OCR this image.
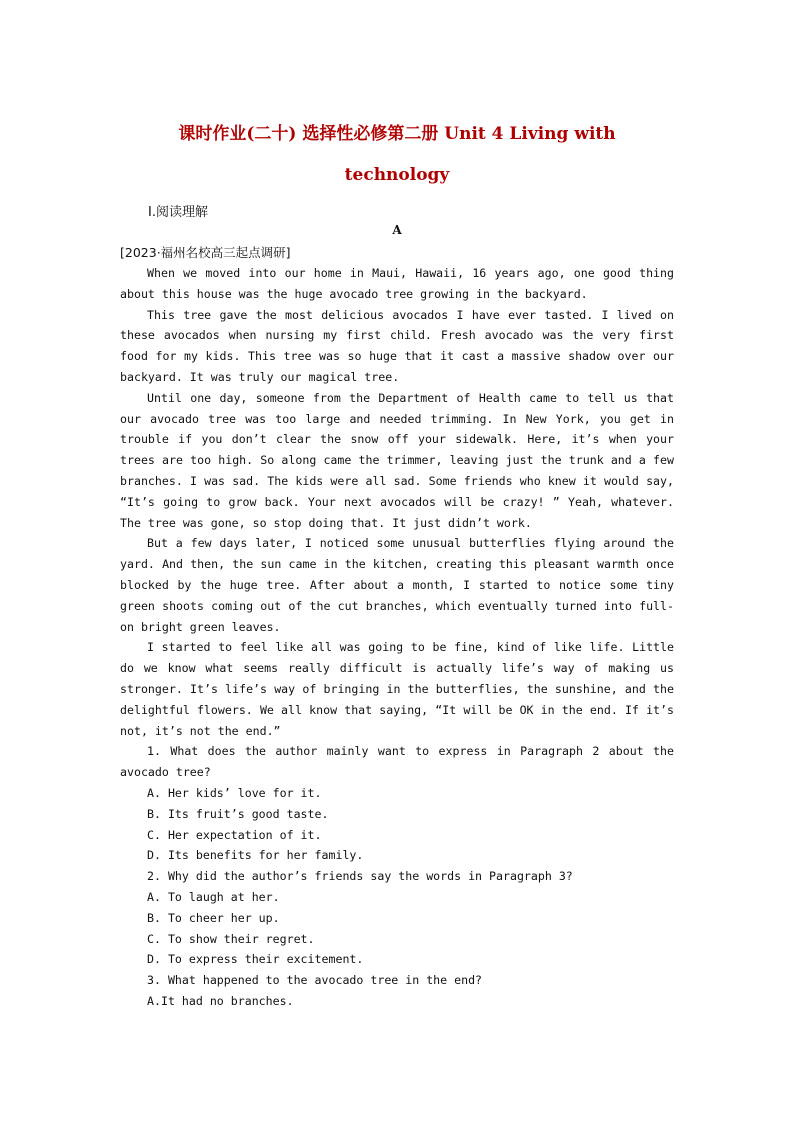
课时作业(二十) 选择性必修第二册 Unit 4 Living with
technology
Ⅰ.阅读理解
A
[2023·福州名校高三起点调研]

When we moved into our home in Maui, Hawaii, 16 years ago, one good thing about this house was the huge avocado tree growing in the backyard.

This tree gave the most delicious avocados I have ever tasted. I lived on these avocados when nursing my first child. Fresh avocado was the very first food for my kids. This tree was so huge that it cast a massive shadow over our backyard. It was truly our magical tree.

Until one day, someone from the Department of Health came to tell us that our avocado tree was too large and needed trimming. In New York, you get in trouble if you don’t clear the snow off your sidewalk. Here, it’s when your trees are too high. So along came the trimmer, leaving just the trunk and a few branches. I was sad. The kids were all sad. Some friends who knew it would say, “It’s going to grow back. Your next avocados will be crazy! ” Yeah, whatever. The tree was gone, so stop doing that. It just didn’t work.

But a few days later, I noticed some unusual butterflies flying around the yard. And then, the sun came in the kitchen, creating this pleasant warmth once blocked by the huge tree. After about a month, I started to notice some tiny green shoots coming out of the cut branches, which eventually turned into full-on bright green leaves.

I started to feel like all was going to be fine, kind of like life. Little do we know what seems really difficult is actually life’s way of making us stronger. It’s life’s way of bringing in the butterflies, the sunshine, and the delightful flowers. We all know that saying, “It will be OK in the end. If it’s not, it’s not the end.”

1. What does the author mainly want to express in Paragraph 2 about the avocado tree?

A. Her kids’ love for it.

B. Its fruit’s good taste.

C. Her expectation of it.

D. Its benefits for her family.

2. Why did the author’s friends say the words in Paragraph 3?

A. To laugh at her.

B. To cheer her up.

C. To show their regret.

D. To express their excitement.

3. What happened to the avocado tree in the end?

A.It had no branches.
